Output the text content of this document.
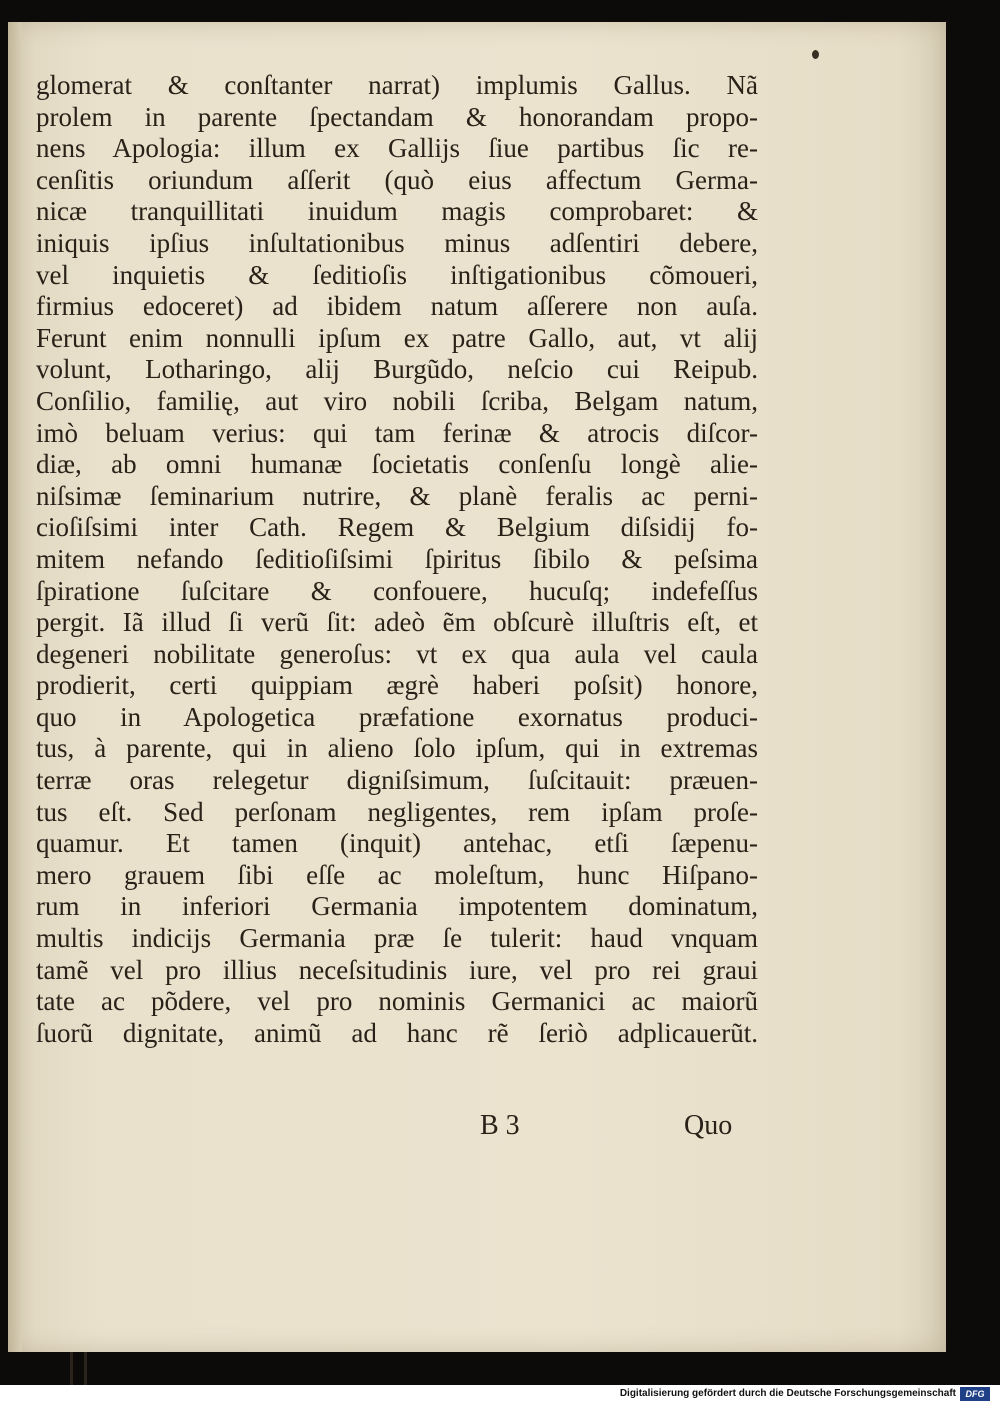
glomerat & conſtanter narrat) implumis Gallus. Nã
prolem in parente ſpectandam & honorandam propo-
nens Apologia: illum ex Gallijs ſiue partibus ſic re-
cenſitis oriundum aſſerit (quò eius affectum Germa-
nicæ tranquillitati inuidum magis comprobaret: &
iniquis ipſius inſultationibus minus adſentiri debere,
vel inquietis & ſeditioſis inſtigationibus cõmoueri,
firmius edoceret) ad ibidem natum aſſerere non auſa.
Ferunt enim nonnulli ipſum ex patre Gallo, aut, vt alij
volunt, Lotharingo, alij Burgũdo, neſcio cui Reipub.
Conſilio, familię, aut viro nobili ſcriba, Belgam natum,
imò beluam verius: qui tam ferinæ & atrocis diſcor-
diæ, ab omni humanæ ſocietatis conſenſu longè alie-
niſsimæ ſeminarium nutrire, & planè feralis ac perni-
cioſiſsimi inter Cath. Regem & Belgium diſsidij fo-
mitem nefando ſeditioſiſsimi ſpiritus ſibilo & peſsima
ſpiratione ſuſcitare & confouere, hucuſq; indefeſſus
pergit. Iã illud ſi verũ ſit: adeò ẽm obſcurè illuſtris eſt, et
degeneri nobilitate generoſus: vt ex qua aula vel caula
prodierit, certi quippiam ægrè haberi poſsit) honore,
quo in Apologetica præfatione exornatus produci-
tus, à parente, qui in alieno ſolo ipſum, qui in extremas
terræ oras relegetur digniſsimum, ſuſcitauit: præuen-
tus eſt. Sed perſonam negligentes, rem ipſam proſe-
quamur. Et tamen (inquit) antehac, etſi ſæpenu-
mero grauem ſibi eſſe ac moleſtum, hunc Hiſpano-
rum in inferiori Germania impotentem dominatum,
multis indicijs Germania præ ſe tulerit: haud vnquam
tamẽ vel pro illius neceſsitudinis iure, vel pro rei graui
tate ac põdere, vel pro nominis Germanici ac maiorũ
ſuorũ dignitate, animũ ad hanc rẽ ſeriò adplicauerũt.
B 3	Quo
Digitalisierung gefördert durch die Deutsche Forschungsgemeinschaft	DFG
